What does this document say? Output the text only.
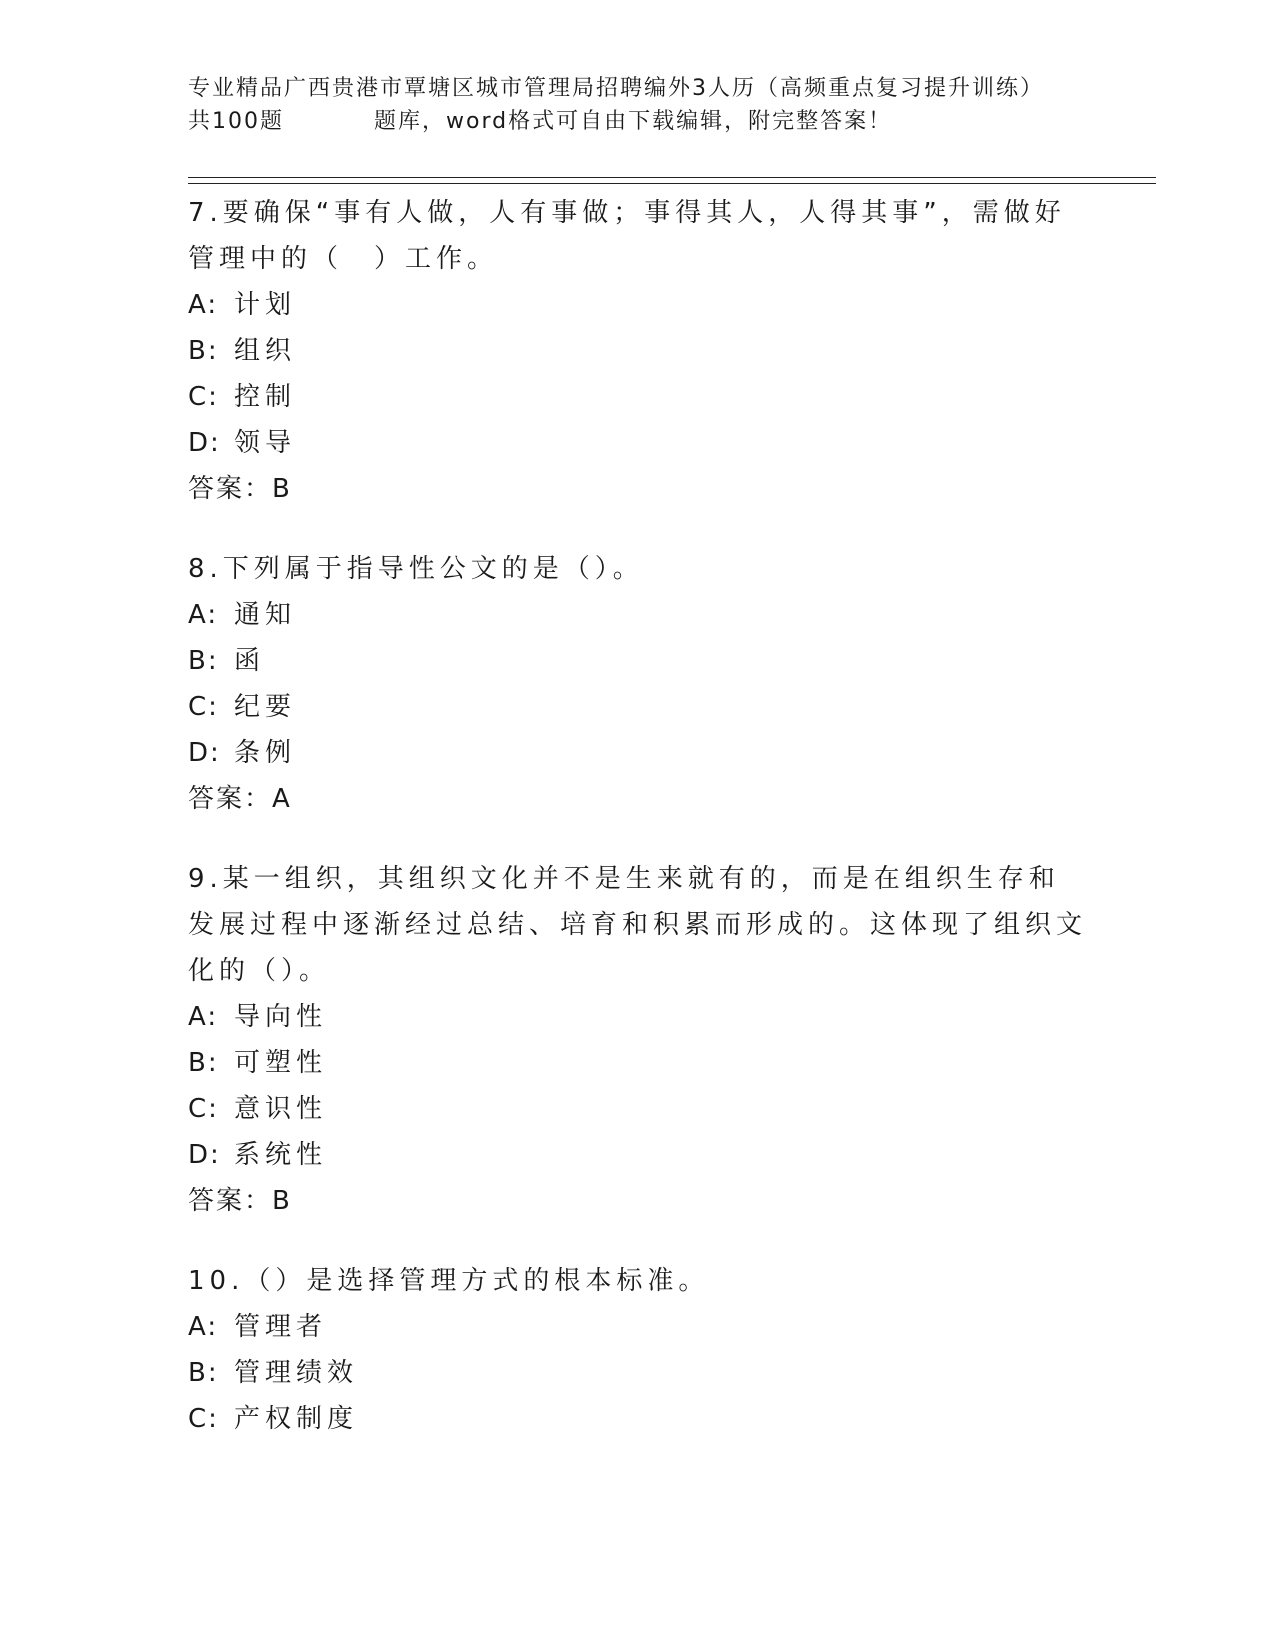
专业精品广西贵港市覃塘区城市管理局招聘编外3人历（高频重点复习提升训练）
共100题	题库，word格式可自由下载编辑，附完整答案！

7.要确保“事有人做，人有事做；事得其人，人得其事”，需做好管理中的（　）工作。

A: 计划
B: 组织
C: 控制
D: 领导
答案：B

8.下列属于指导性公文的是（）。

A: 通知
B: 函
C: 纪要
D: 条例
答案：A

9.某一组织，其组织文化并不是生来就有的，而是在组织生存和发展过程中逐渐经过总结、培育和积累而形成的。这体现了组织文化的（）。

A: 导向性
B: 可塑性
C: 意识性
D: 系统性
答案：B

10.（）是选择管理方式的根本标准。

A: 管理者
B: 管理绩效
C: 产权制度
